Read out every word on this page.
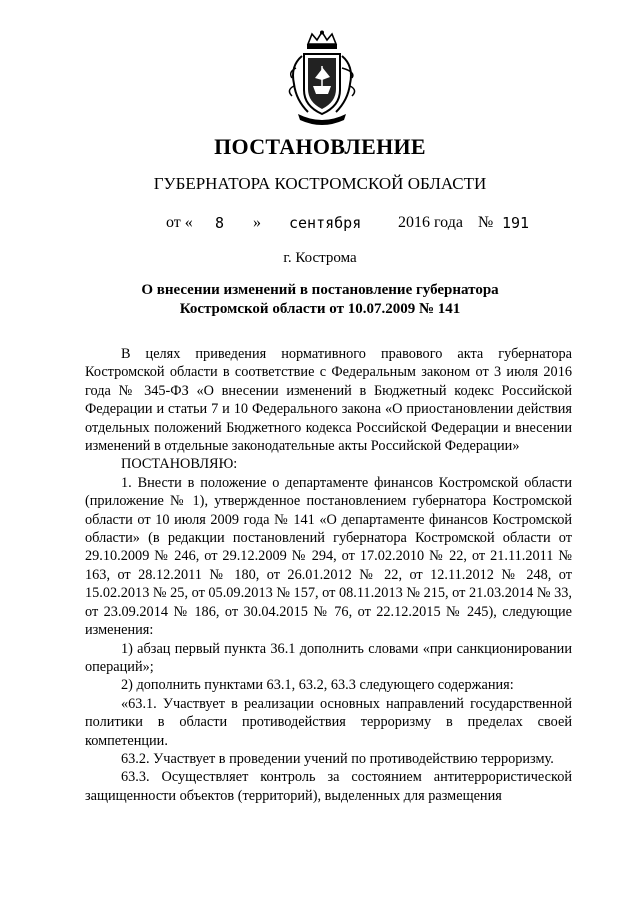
ПОСТАНОВЛЕНИЕ
ГУБЕРНАТОРА КОСТРОМСКОЙ ОБЛАСТИ
от « 8 » сентября 2016 года № 191
г. Кострома
О внесении изменений в постановление губернатора
Костромской области от 10.07.2009 № 141

В целях приведения нормативного правового акта губернатора Костромской области в соответствие с Федеральным законом от 3 июля 2016 года № 345-ФЗ «О внесении изменений в Бюджетный кодекс Российской Федерации и статьи 7 и 10 Федерального закона «О приостановлении действия отдельных положений Бюджетного кодекса Российской Федерации и внесении изменений в отдельные законодательные акты Российской Федерации»

ПОСТАНОВЛЯЮ:

1. Внести в положение о департаменте финансов Костромской области (приложение № 1), утвержденное постановлением губернатора Костромской области от 10 июля 2009 года № 141 «О департаменте финансов Костромской области» (в редакции постановлений губернатора Костромской области от 29.10.2009 № 246, от 29.12.2009 № 294, от 17.02.2010 № 22, от 21.11.2011 № 163, от 28.12.2011 № 180, от 26.01.2012 № 22, от 12.11.2012 № 248, от 15.02.2013 № 25, от 05.09.2013 № 157, от 08.11.2013 № 215, от 21.03.2014 № 33, от 23.09.2014 № 186, от 30.04.2015 № 76, от 22.12.2015 № 245), следующие изменения:

1) абзац первый пункта 36.1 дополнить словами «при санкционировании операций»;

2) дополнить пунктами 63.1, 63.2, 63.3 следующего содержания:

«63.1. Участвует в реализации основных направлений государственной политики в области противодействия терроризму в пределах своей компетенции.

63.2. Участвует в проведении учений по противодействию терроризму.

63.3. Осуществляет контроль за состоянием антитеррористической защищенности объектов (территорий), выделенных для размещения
